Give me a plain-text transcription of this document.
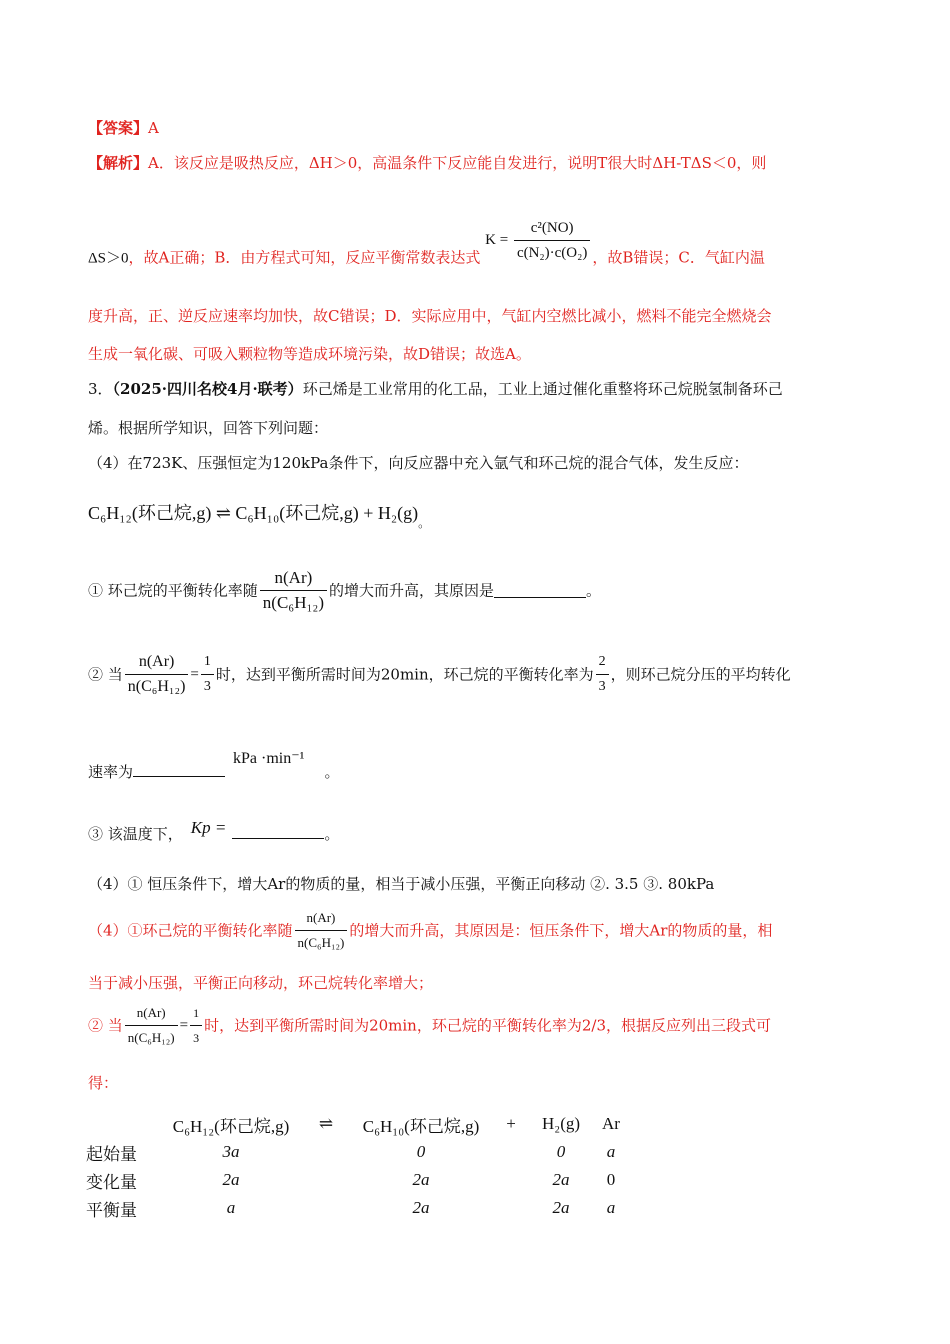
【答案】A
【解析】A．该反应是吸热反应，ΔH＞0，高温条件下反应能自发进行，说明T很大时ΔH-TΔS＜0，则
ΔS＞0，故A正确；B．由方程式可知，反应平衡常数表达式 $K = \frac{\text{c²(NO)}}{\text{c(N₂)·c(O₂)}}$ ，故B错误；C．气缸内温
度升高，正、逆反应速率均加快，故C错误；D．实际应用中，气缸内空燃比减小，燃料不能完全燃烧会
生成一氧化碳、可吸入颗粒物等造成环境污染，故D错误；故选A。
3．（2025·四川名校4月·联考）环己烯是工业常用的化工品，工业上通过催化重整将环己烷脱氢制备环己
烯。根据所学知识，回答下列问题：
（4）在723K、压强恒定为120kPa条件下，向反应器中充入氩气和环己烷的混合气体，发生反应：
C₆H₁₂(环己烷,g) ⇌ C₆H₁₀(环己烷$,g) + H_2(g)_。$
① 环己烷的平衡转化率随 $\frac{n(Ar)}{\text{n(C₆H₁₂)}}$ 的增大而升高，其原因是	。
② 当 $\frac{n(Ar)}{\text{n(C₆H₁₂)}} = \frac{1}{3}$ 时，达到平衡所需时间为20min，环己烷的平衡转化率为 $\frac{2}{3}$ ，则环己烷分压的平均转化
速率为kPa ·min⁻¹。
③ 该温度下， Kp =	。
（4）① 恒压条件下，增大Ar的物质的量，相当于减小压强，平衡正向移动 ②. 3.5 ③. 80kPa
（4）①环己烷的平衡转化率随 $\frac{n(Ar)}{\text{n(C₆H₁₂)}}$ 的增大而升高，其原因是：恒压条件下，增大Ar的物质的量，相
当于减小压强，平衡正向移动，环己烷转化率增大；
② 当 $\frac{n(Ar)}{\text{n(C₆H₁₂)}} = \frac{1}{3}$ 时，达到平衡所需时间为20min，环己烷的平衡转化率为2/3，根据反应列出三段式可
得：
	C₆H₁₂(环己烷,g)	⇌	C₆H₁₀(环己烷,g)	+	H₂(g)	Ar
起始量	3a		0		0	a
变化量	2a		2a		2a	0
平衡量	a		2a		2a	a
